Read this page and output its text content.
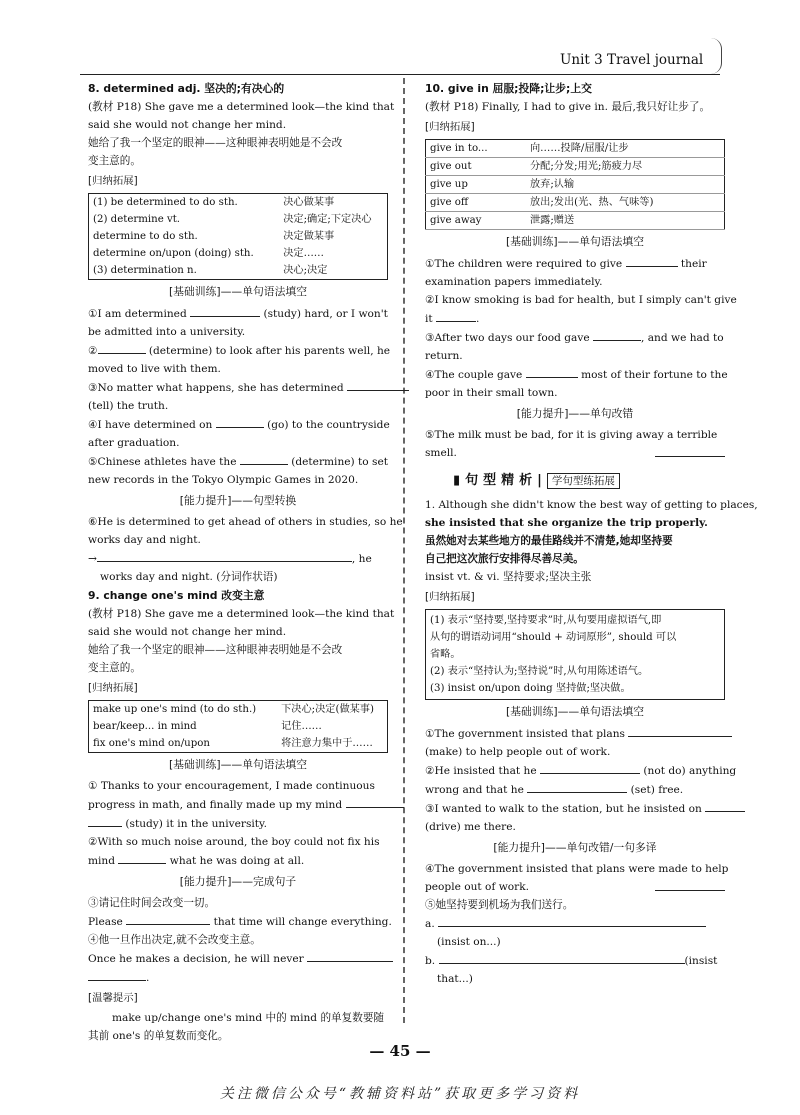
Unit 3 Travel journal
8. determined adj. 坚决的;有决心的
(教材 P18) She gave me a determined look—the kind that
said she would not change her mind.
她给了我一个坚定的眼神——这种眼神表明她是不会改
变主意的。
[ 归纳拓展 ]
(1) be determined to do sth.	决心做某事
(2) determine vt.	决定;确定;下定决心
determine to do sth.	决定做某事
determine on/upon (doing) sth.	决定……
(3) determination n.	决心;决定
[基础训练]——单句语法填空
①I am determined	(study) hard, or I won't
be admitted into a university.
②	(determine) to look after his parents well, he
moved to live with them.
③No matter what happens, she has determined
(tell) the truth.
④I have determined on	(go) to the countryside
after graduation.
⑤Chinese athletes have the	(determine) to set
new records in the Tokyo Olympic Games in 2020.
[能力提升]——句型转换
⑥He is determined to get ahead of others in studies, so he
works day and night.
→	, he
works day and night. (分词作状语)
9. change one's mind 改变主意
(教材 P18) She gave me a determined look—the kind that
said she would not change her mind.
她给了我一个坚定的眼神——这种眼神表明她是不会改
变主意的。
[ 归纳拓展 ]
make up one's mind (to do sth.)	下决心;决定(做某事)
bear/keep... in mind	记住……
fix one's mind on/upon	将注意力集中于……
[基础训练]——单句语法填空
① Thanks to your encouragement, I made continuous
progress in math, and finally made up my mind
(study) it in the university.
②With so much noise around, the boy could not fix his
mind	what he was doing at all.
[能力提升]——完成句子
③请记住时间会改变一切。
Please	that time will change everything.
④他一旦作出决定,就不会改变主意。
Once he makes a decision, he will never
.
[ 温馨提示 ]
make up/change one's mind 中的 mind 的单复数要随
其前 one's 的单复数而变化。
10. give in 屈服;投降;让步;上交
(教材 P18) Finally, I had to give in. 最后,我只好让步了。
[ 归纳拓展 ]
give in to...	向……投降/屈服/让步
give out	分配;分发;用光;筋疲力尽
give up	放弃;认输
give off	放出;发出(光、热、气味等)
give away	泄露;赠送
[基础训练]——单句语法填空
①The children were required to give	their
examination papers immediately.
②I know smoking is bad for health, but I simply can't give
it	.
③After two days our food gave	, and we had to
return.
④The couple gave	most of their fortune to the
poor in their small town.
[能力提升]——单句改错
⑤The milk must be bad, for it is giving away a terrible
smell.
▮句型精析| 学句型练拓展
1. Although she didn't know the best way of getting to places,
she insisted that she organize the trip properly.
虽然她对去某些地方的最佳路线并不清楚,她却坚持要
自己把这次旅行安排得尽善尽美。
insist vt. & vi. 坚持要求;坚决主张
[ 归纳拓展 ]
(1) 表示“坚持要,坚持要求”时,从句要用虚拟语气,即
从句的谓语动词用“should + 动词原形”, should 可以
省略。
(2) 表示“坚持认为;坚持说”时,从句用陈述语气。
(3) insist on/upon doing 坚持做;坚决做。
[基础训练]——单句语法填空
①The government insisted that plans
(make) to help people out of work.
②He insisted that he	(not do) anything
wrong and that he	(set) free.
③I wanted to walk to the station, but he insisted on
(drive) me there.
[能力提升]——单句改错/一句多译
④The government insisted that plans were made to help
people out of work.
⑤她坚持要到机场为我们送行。
a.
(insist on...)
b.	(insist
that...)
— 45 —
关注微信公众号“教辅资料站”获取更多学习资料
